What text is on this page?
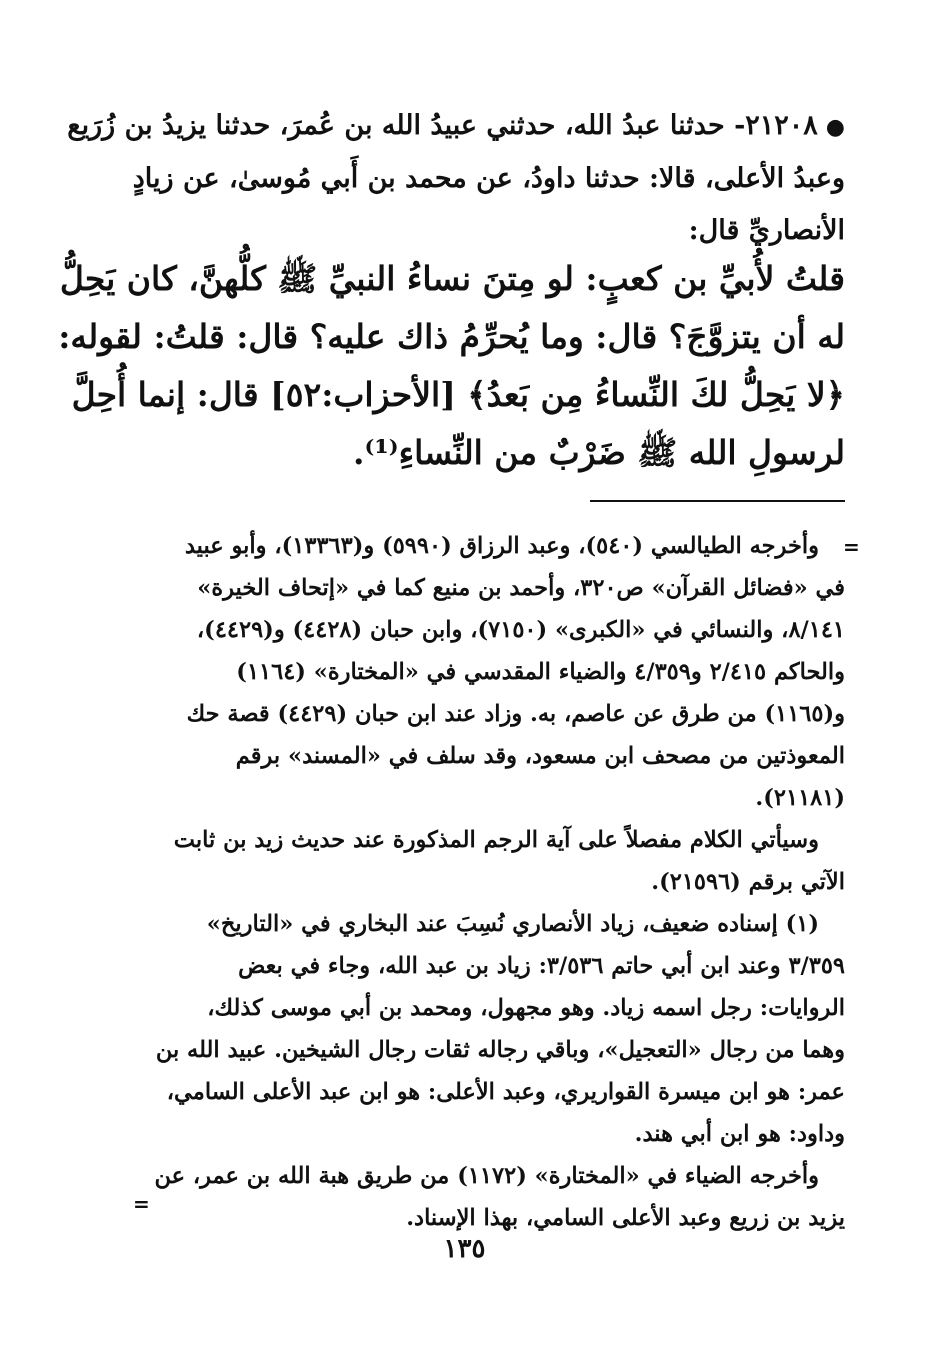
●٢١٢٠٨- حدثنا عبدُ الله، حدثني عبيدُ الله بن عُمرَ، حدثنا يزيدُ بن زُرَيع
وعبدُ الأعلى، قالا: حدثنا داودُ، عن محمد بن أَبي مُوسىٰ، عن زيادٍ
الأنصاريِّ قال:
قلتُ لأُبيِّ بن كعبٍ: لو مِتنَ نساءُ النبيِّ ﷺ كلُّهنَّ، كان يَحِلُّ
له أن يتزوَّجَ؟ قال: وما يُحرِّمُ ذاك عليه؟ قال: قلتُ: لقوله:
﴿لا يَحِلُّ لكَ النِّساءُ مِن بَعدُ﴾ [الأحزاب:٥٢] قال: إنما أُحِلَّ
لرسولِ الله ﷺ ضَرْبٌ من النِّساءِ⁽¹⁾.
=
وأخرجه الطيالسي (٥٤٠)، وعبد الرزاق (٥٩٩٠) و(١٣٣٦٣)، وأبو عبيد
في «فضائل القرآن» ص٣٢٠، وأحمد بن منيع كما في «إتحاف الخيرة»
٨/١٤١، والنسائي في «الكبرى» (٧١٥٠)، وابن حبان (٤٤٢٨) و(٤٤٢٩)،
والحاكم ٢/٤١٥ و٤/٣٥٩ والضياء المقدسي في «المختارة» (١١٦٤)
و(١١٦٥) من طرق عن عاصم، به. وزاد عند ابن حبان (٤٤٢٩) قصة حك
المعوذتين من مصحف ابن مسعود، وقد سلف في «المسند» برقم
(٢١١٨١).
وسيأتي الكلام مفصلاً على آية الرجم المذكورة عند حديث زيد بن ثابت
الآتي برقم (٢١٥٩٦).
(١) إسناده ضعيف، زياد الأنصاري نُسِبَ عند البخاري في «التاريخ»
٣/٣٥٩ وعند ابن أبي حاتم ٣/٥٣٦: زياد بن عبد الله، وجاء في بعض
الروايات: رجل اسمه زياد. وهو مجهول، ومحمد بن أبي موسى كذلك،
وهما من رجال «التعجيل»، وباقي رجاله ثقات رجال الشيخين. عبيد الله بن
عمر: هو ابن ميسرة القواريري، وعبد الأعلى: هو ابن عبد الأعلى السامي،
وداود: هو ابن أبي هند.
وأخرجه الضياء في «المختارة» (١١٧٢) من طريق هبة الله بن عمر، عن
يزيد بن زريع وعبد الأعلى السامي، بهذا الإسناد.
=
١٣٥
